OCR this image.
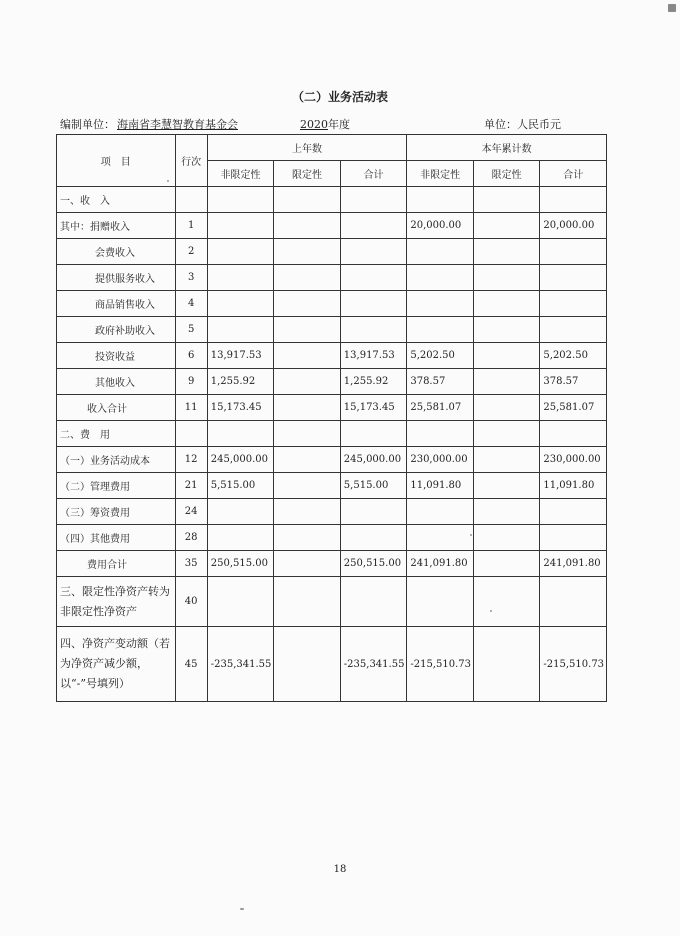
（二）业务活动表
编制单位： 海南省李慧智教育基金会	2020年度	单位：人民币元
项　目	行次	上年数			本年累计数		
		非限定性	限定性	合计	非限定性	限定性	合计
一、收　入							
其中：捐赠收入	1				20,000.00		20,000.00
会费收入	2						
提供服务收入	3						
商品销售收入	4						
政府补助收入	5						
投资收益	6	13,917.53		13,917.53	5,202.50		5,202.50
其他收入	9	1,255.92		1,255.92	378.57		378.57
收入合计	11	15,173.45		15,173.45	25,581.07		25,581.07
二、费　用							
（一）业务活动成本	12	245,000.00		245,000.00	230,000.00		230,000.00
（二）管理费用	21	5,515.00		5,515.00	11,091.80		11,091.80
（三）筹资费用	24						
（四）其他费用	28						
费用合计	35	250,515.00		250,515.00	241,091.80		241,091.80
三、限定性净资产转为非限定性净资产	40						
四、净资产变动额（若为净资产减少额，以“-”号填列）	45	-235,341.55		-235,341.55	-215,510.73		-215,510.73
18
